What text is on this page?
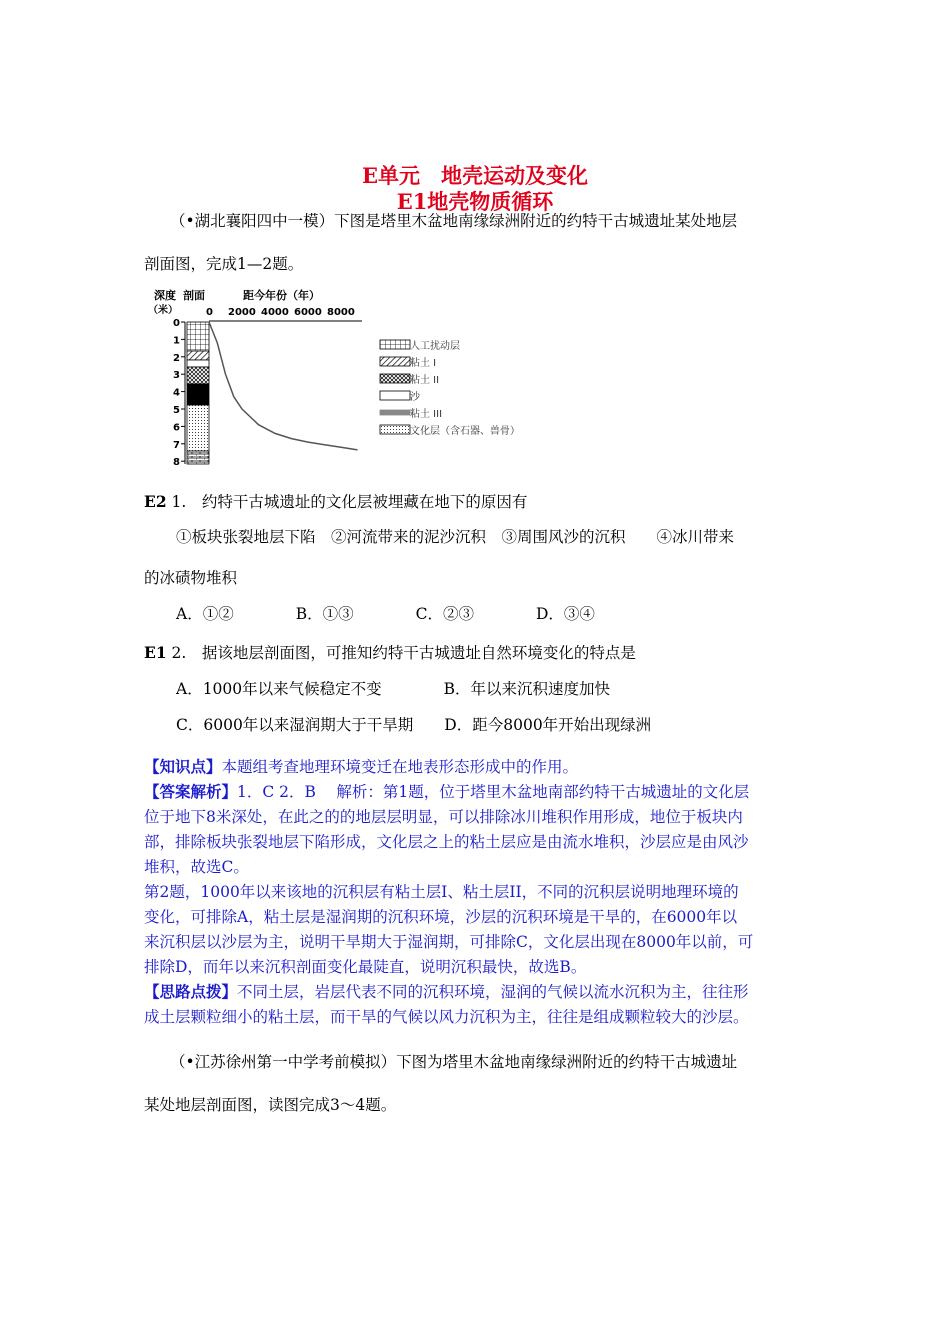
E单元　地壳运动及变化
E1地壳物质循环
（•湖北襄阳四中一模）下图是塔里木盆地南缘绿洲附近的约特干古城遗址某处地层
剖面图，完成1—2题。
深度
（米）
剖面	距今年份（年）
0 2000 4000 6000 8000
0
1
2
3
4
5
6
7
8
人工扰动层
粘土 I
粘土 II
沙
粘土 III
文化层（含石器、兽骨）
E2 1.　约特干古城遗址的文化层被埋藏在地下的原因有
①板块张裂地层下陷　②河流带来的泥沙沉积　③周围风沙的沉积　　④冰川带来
的冰碛物堆积
A．①②　　　　B．①③　　　　C．②③　　　　D．③④
E1 2.　据该地层剖面图，可推知约特干古城遗址自然环境变化的特点是
A．1000年以来气候稳定不变　　　　B．年以来沉积速度加快
C．6000年以来湿润期大于干旱期　　D．距今8000年开始出现绿洲
【知识点】本题组考查地理环境变迁在地表形态形成中的作用。
【答案解析】1．C 2．B　 解析：第1题，位于塔里木盆地南部约特干古城遗址的文化层
位于地下8米深处，在此之的的地层层明显，可以排除冰川堆积作用形成，地位于板块内
部，排除板块张裂地层下陷形成，文化层之上的粘土层应是由流水堆积，沙层应是由风沙
堆积，故选C。
第2题，1000年以来该地的沉积层有粘土层I、粘土层II，不同的沉积层说明地理环境的
变化，可排除A，粘土层是湿润期的沉积环境，沙层的沉积环境是干旱的，在6000年以
来沉积层以沙层为主，说明干旱期大于湿润期，可排除C，文化层出现在8000年以前，可
排除D，而年以来沉积剖面变化最陡直，说明沉积最快，故选B。
【思路点拨】不同土层，岩层代表不同的沉积环境，湿润的气候以流水沉积为主，往往形
成土层颗粒细小的粘土层，而干旱的气候以风力沉积为主，往往是组成颗粒较大的沙层。
（•江苏徐州第一中学考前模拟）下图为塔里木盆地南缘绿洲附近的约特干古城遗址
某处地层剖面图，读图完成3～4题。
